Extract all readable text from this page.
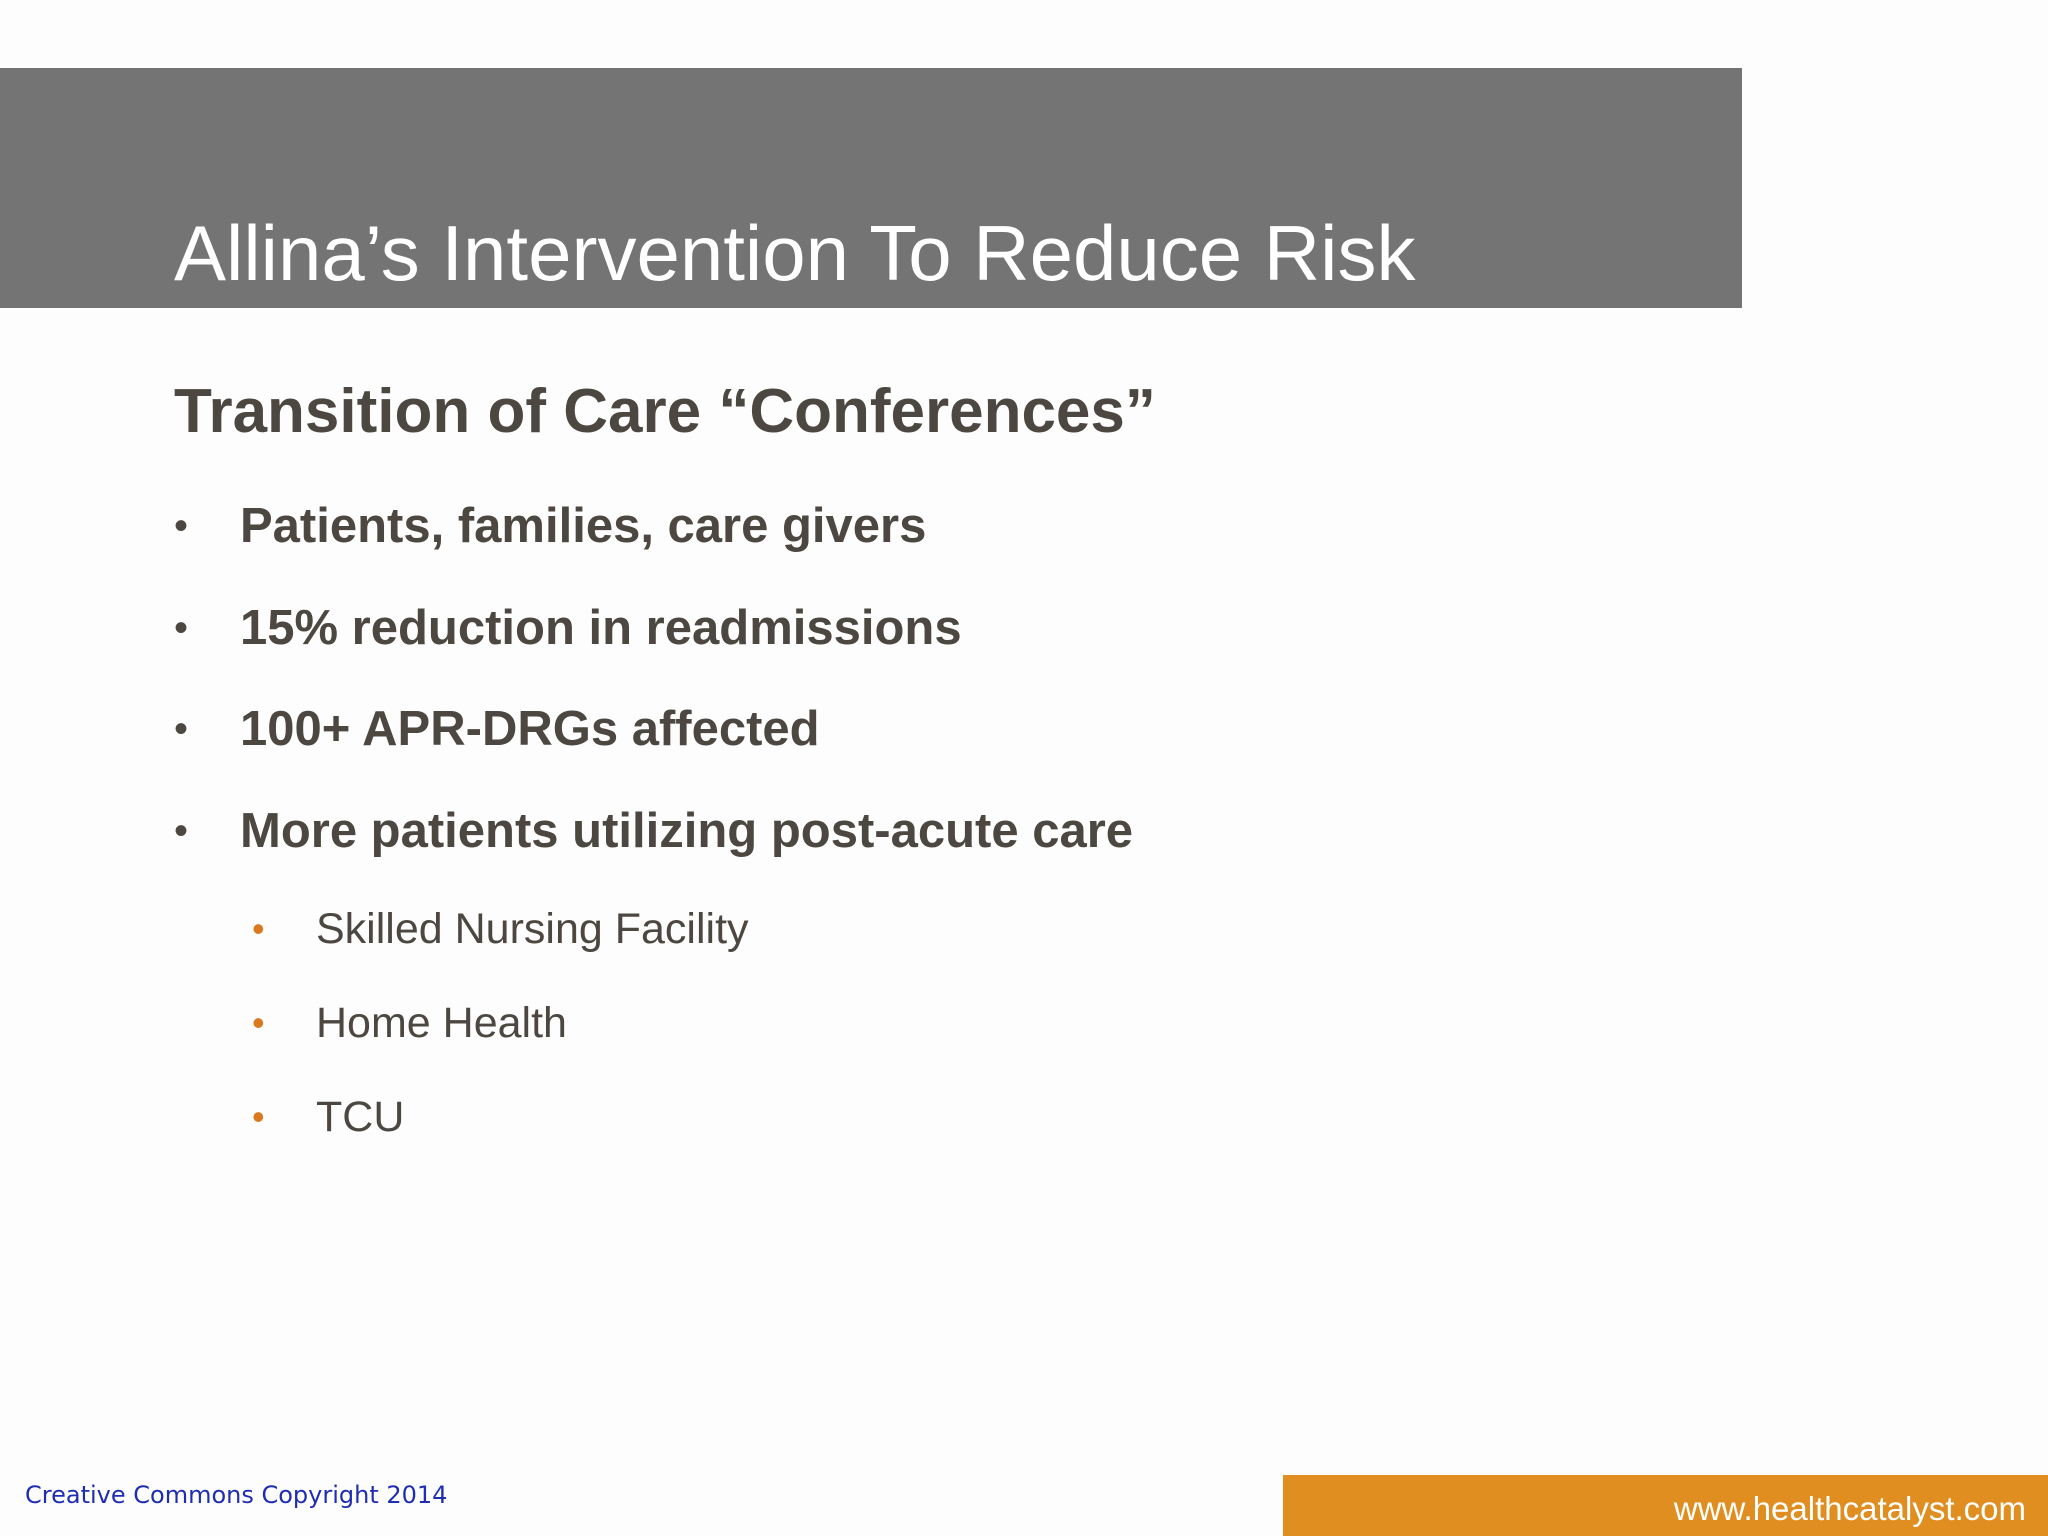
Allina’s Intervention To Reduce Risk
Transition of Care “Conferences”
• Patients, families, care givers
• 15% reduction in readmissions
• 100+ APR-DRGs affected
• More patients utilizing post-acute care
• Skilled Nursing Facility
• Home Health
• TCU
Creative Commons Copyright 2014	www.healthcatalyst.com
